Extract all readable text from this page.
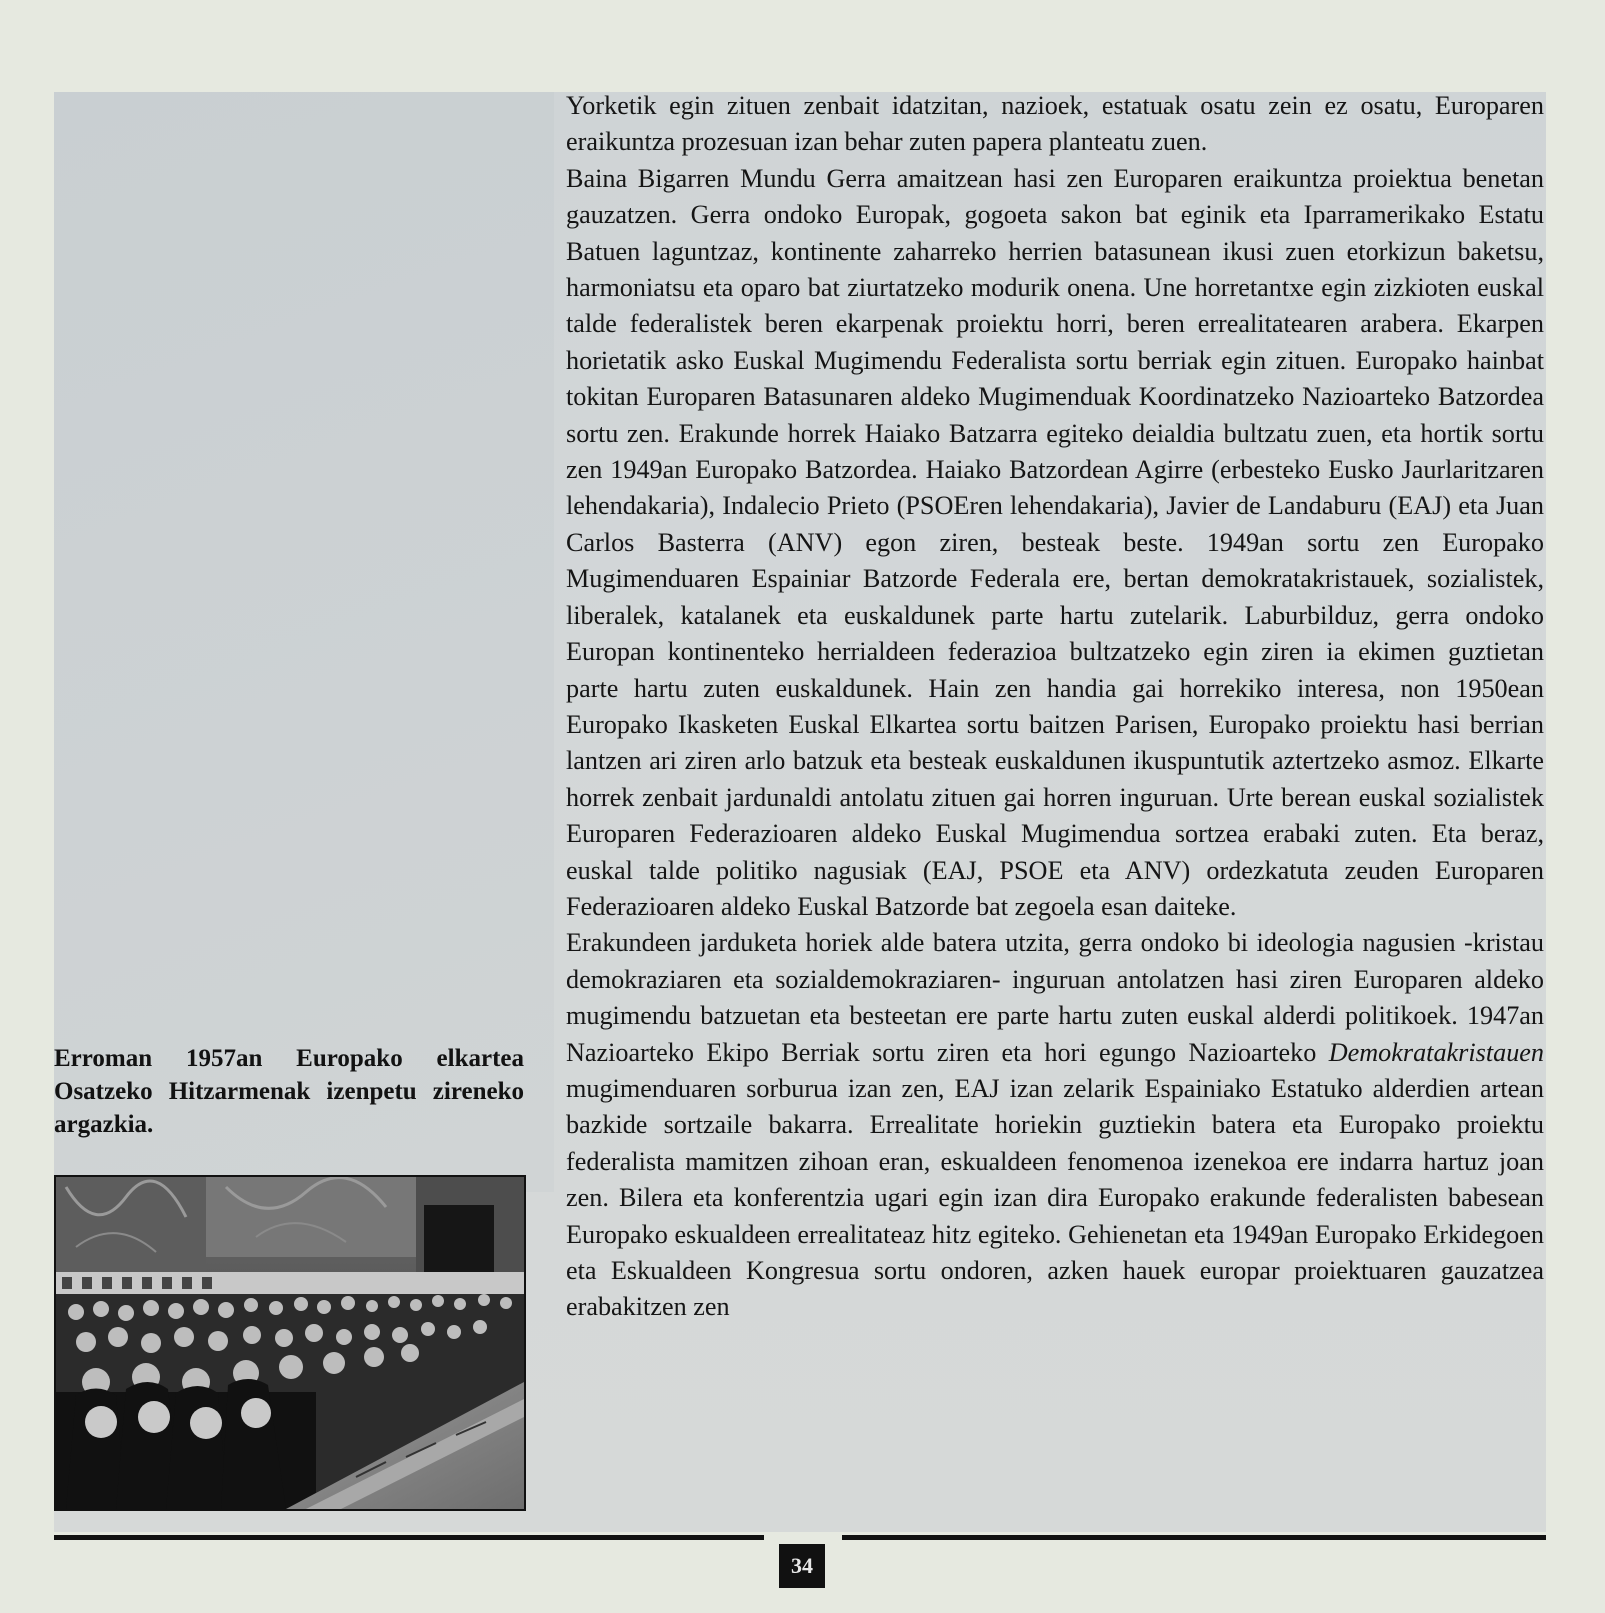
Yorketik egin zituen zenbait idatzitan, nazioek, estatuak osatu zein ez osatu, Europaren eraikuntza prozesuan izan behar zuten papera planteatu zuen.

Baina Bigarren Mundu Gerra amaitzean hasi zen Europaren eraikuntza proiektua benetan gauzatzen. Gerra ondoko Europak, gogoeta sakon bat eginik eta Iparramerikako Estatu Batuen laguntzaz, kontinente zaharreko herrien batasunean ikusi zuen etorkizun baketsu, harmoniatsu eta oparo bat ziurtatzeko modurik onena. Une horretantxe egin zizkioten euskal talde federalistek beren ekarpenak proiektu horri, beren errealitatearen arabera. Ekarpen horietatik asko Euskal Mugimendu Federalista sortu berriak egin zituen. Europako hainbat tokitan Europaren Batasunaren aldeko Mugimenduak Koordinatzeko Nazioarteko Batzordea sortu zen. Erakunde horrek Haiako Batzarra egiteko deialdia bultzatu zuen, eta hortik sortu zen 1949an Europako Batzordea. Haiako Batzordean Agirre (erbesteko Eusko Jaurlaritzaren lehendakaria), Indalecio Prieto (PSOEren lehendakaria), Javier de Landaburu (EAJ) eta Juan Carlos Basterra (ANV) egon ziren, besteak beste. 1949an sortu zen Europako Mugimenduaren Espainiar Batzorde Federala ere, bertan demokratakristauek, sozialistek, liberalek, katalanek eta euskaldunek parte hartu zutelarik. Laburbilduz, gerra ondoko Europan kontinenteko herrialdeen federazioa bultzatzeko egin ziren ia ekimen guztietan parte hartu zuten euskaldunek. Hain zen handia gai horrekiko interesa, non 1950ean Europako Ikasketen Euskal Elkartea sortu baitzen Parisen, Europako proiektu hasi berrian lantzen ari ziren arlo batzuk eta besteak euskaldunen ikuspuntutik aztertzeko asmoz. Elkarte horrek zenbait jardunaldi antolatu zituen gai horren inguruan. Urte berean euskal sozialistek Europaren Federazioaren aldeko Euskal Mugimendua sortzea erabaki zuten. Eta beraz, euskal talde politiko nagusiak (EAJ, PSOE eta ANV) ordezkatuta zeuden Europaren Federazioaren aldeko Euskal Batzorde bat zegoela esan daiteke.

Erakundeen jarduketa horiek alde batera utzita, gerra ondoko bi ideologia nagusien -kristau demokraziaren eta sozialdemokraziaren- inguruan antolatzen hasi ziren Europaren aldeko mugimendu batzuetan eta besteetan ere parte hartu zuten euskal alderdi politikoek. 1947an Nazioarteko Ekipo Berriak sortu ziren eta hori egungo Nazioarteko Demokratakristauen mugimenduaren sorburua izan zen, EAJ izan zelarik Espainiako Estatuko alderdien artean bazkide sortzaile bakarra. Errealitate horiekin guztiekin batera eta Europako proiektu federalista mamitzen zihoan eran, eskualdeen fenomenoa izenekoa ere indarra hartuz joan zen. Bilera eta konferentzia ugari egin izan dira Europako erakunde federalisten babesean Europako eskualdeen errealitateaz hitz egiteko. Gehienetan eta 1949an Europako Erkidegoen eta Eskualdeen Kongresua sortu ondoren, azken hauek europar proiektuaren gauzatzea erabakitzen zen

Erroman 1957an Europako elkartea Osatzeko Hitzarmenak izenpetu zireneko argazkia.
34
